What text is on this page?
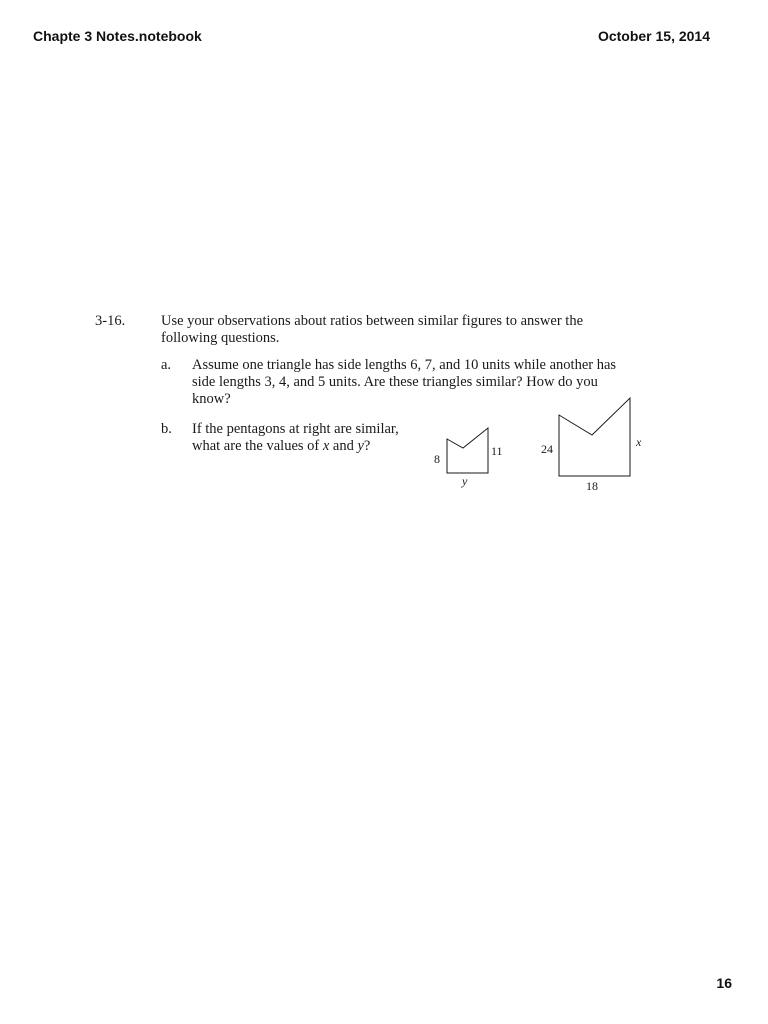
Chapte 3 Notes.notebook	October 15, 2014
3-16. Use your observations about ratios between similar figures to answer the
following questions.
a. Assume one triangle has side lengths 6, 7, and 10 units while another has
side lengths 3, 4, and 5 units. Are these triangles similar? How do you
know?
b. If the pentagons at right are similar,
what are the values of x and y?
8
11
y
24	x
18
16
